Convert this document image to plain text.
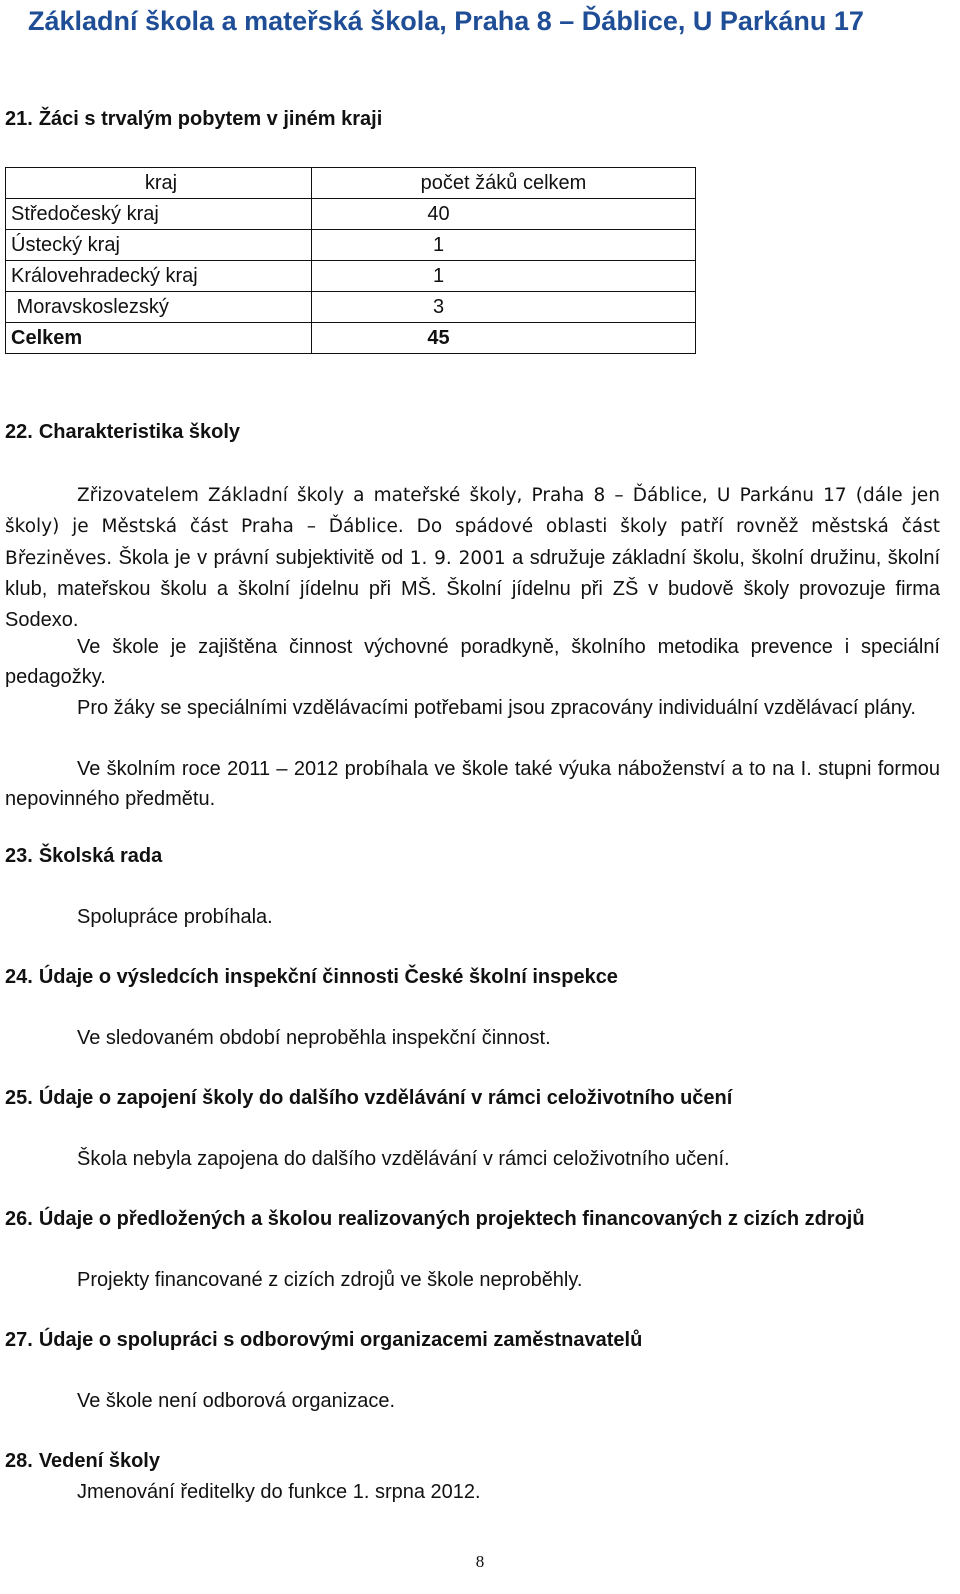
Základní škola a mateřská škola, Praha 8 – Ďáblice, U Parkánu 17
21. Žáci s trvalým pobytem v jiném kraji
kraj	počet žáků celkem
Středočeský kraj	40
Ústecký kraj	1
Královehradecký kraj	1
Moravskoslezský	3
Celkem	45
22. Charakteristika školy

Zřizovatelem Základní školy a mateřské školy, Praha 8 – Ďáblice, U Parkánu 17 (dále jen školy) je Městská část Praha – Ďáblice. Do spádové oblasti školy patří rovněž městská část Březiněves. Škola je v právní subjektivitě od 1. 9. 2001 a sdružuje základní školu, školní družinu, školní klub, mateřskou školu a školní jídelnu při MŠ. Školní jídelnu při ZŠ v budově školy provozuje firma Sodexo.

Ve škole je zajištěna činnost výchovné poradkyně, školního metodika prevence i speciální pedagožky.

Pro žáky se speciálními vzdělávacími potřebami jsou zpracovány individuální vzdělávací plány.

Ve školním roce 2011 – 2012 probíhala ve škole také výuka náboženství a to na I. stupni formou nepovinného předmětu.

23. Školská rada
Spolupráce probíhala.
24. Údaje o výsledcích inspekční činnosti České školní inspekce
Ve sledovaném období neproběhla inspekční činnost.
25. Údaje o zapojení školy do dalšího vzdělávání v rámci celoživotního učení
Škola nebyla zapojena do dalšího vzdělávání v rámci celoživotního učení.
26. Údaje o předložených a školou realizovaných projektech financovaných z cizích zdrojů
Projekty financované z cizích zdrojů ve škole neproběhly.
27. Údaje o spolupráci s odborovými organizacemi zaměstnavatelů
Ve škole není odborová organizace.
28. Vedení školy
Jmenování ředitelky do funkce 1. srpna 2012.
8
